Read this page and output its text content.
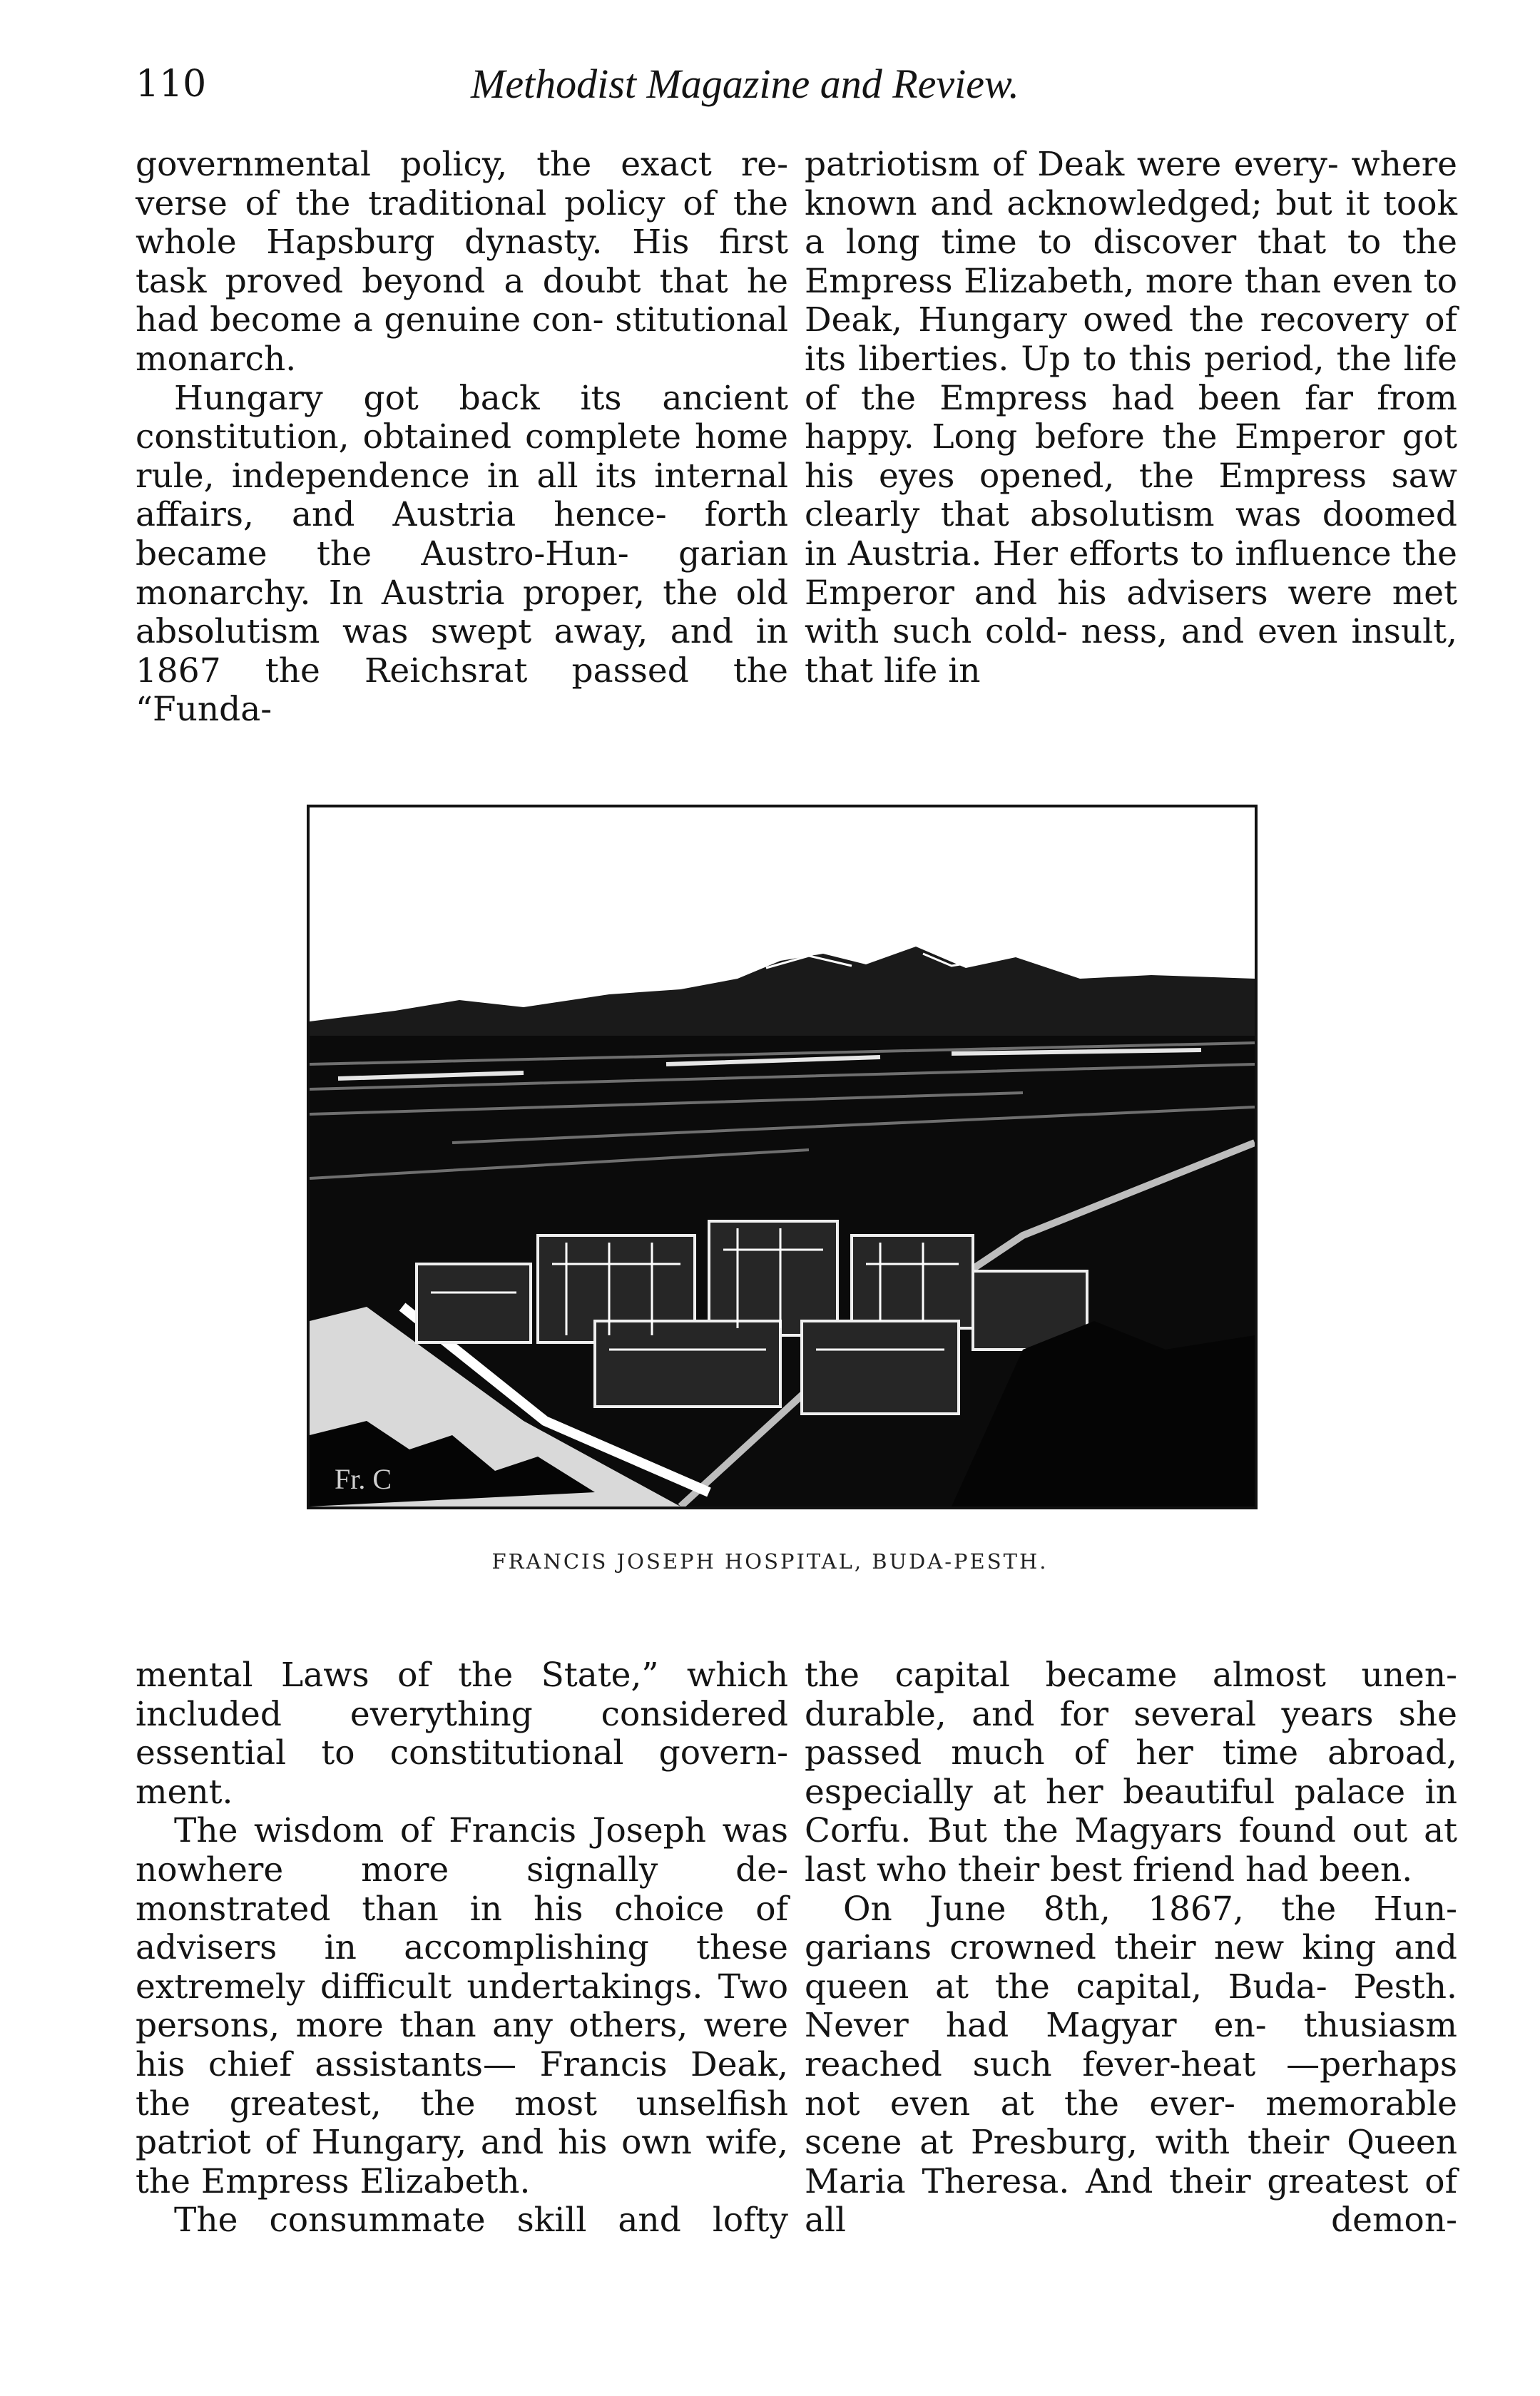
110	Methodist Magazine and Review.

governmental policy, the exact re- verse of the traditional policy of the whole Hapsburg dynasty. His first task proved beyond a doubt that he had become a genuine con- stitutional monarch.

Hungary got back its ancient constitution, obtained complete home rule, independence in all its internal affairs, and Austria hence- forth became the Austro-Hun- garian monarchy. In Austria proper, the old absolutism was swept away, and in 1867 the Reichsrat passed the “Funda-

patriotism of Deak were every- where known and acknowledged; but it took a long time to discover that to the Empress Elizabeth, more than even to Deak, Hungary owed the recovery of its liberties. Up to this period, the life of the Empress had been far from happy. Long before the Emperor got his eyes opened, the Empress saw clearly that absolutism was doomed in Austria. Her efforts to influence the Emperor and his advisers were met with such cold- ness, and even insult, that life in

Fr. C
FRANCIS JOSEPH HOSPITAL, BUDA-PESTH.

mental Laws of the State,” which included everything considered essential to constitutional govern- ment.

The wisdom of Francis Joseph was nowhere more signally de- monstrated than in his choice of advisers in accomplishing these extremely difficult undertakings. Two persons, more than any others, were his chief assistants— Francis Deak, the greatest, the most unselfish patriot of Hungary, and his own wife, the Empress Elizabeth.

The consummate skill and lofty

the capital became almost unen- durable, and for several years she passed much of her time abroad, especially at her beautiful palace in Corfu. But the Magyars found out at last who their best friend had been.

On June 8th, 1867, the Hun- garians crowned their new king and queen at the capital, Buda- Pesth. Never had Magyar en- thusiasm reached such fever-heat —perhaps not even at the ever- memorable scene at Presburg, with their Queen Maria Theresa. And their greatest of all demon-
